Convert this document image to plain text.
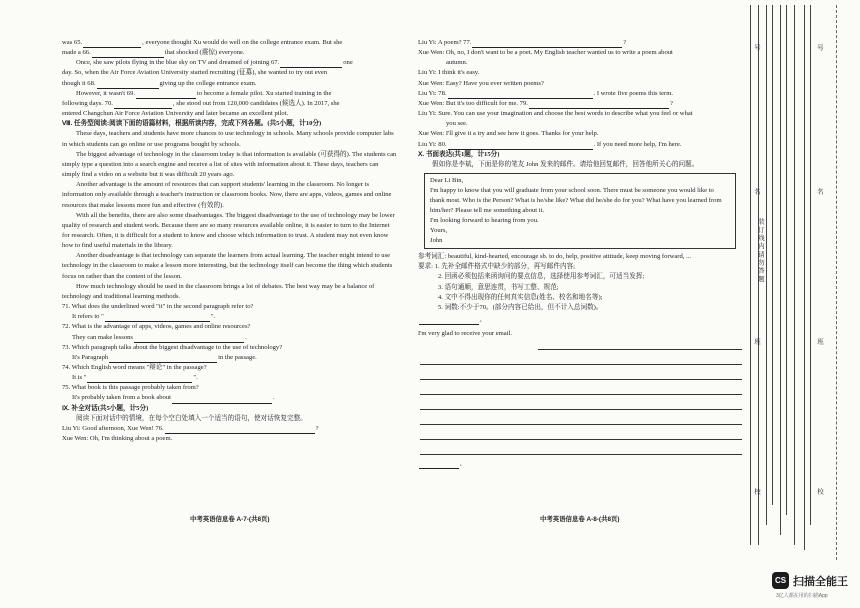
was 65.	, everyone thought Xu would do well on the college entrance exam. But she

made a 66.	that shocked (震惊) everyone.

Once, she saw pilots flying in the blue sky on TV and dreamed of joining 67.	one

day. So, when the Air Force Aviation University started recruiting (征募), she wanted to try out even

though it 68.	giving up the college entrance exam.

However, it wasn't 69.	to become a female pilot. Xu started training in the

following days. 70.	, she stood out from 120,000 candidates (候选人). In 2017, she

entered Changchun Air Force Aviation University and later became an excellent pilot.

Ⅷ. 任务型阅读:阅读下面的语篇材料，根据所读内容，完成下列各题。(共5小题，计10分)

These days, teachers and students have more chances to use technology in schools. Many schools provide computer labs in which students can go online or use programs bought by schools.

The biggest advantage of technology in the classroom today is that information is available (可获得的). The students can simply type a question into a search engine and receive a list of sites with information about it. These days, teachers can simply find a video on a website but it was difficult 20 years ago.

Another advantage is the amount of resources that can support students' learning in the classroom. No longer is information only available through a teacher's instruction or classroom books. Now, there are apps, videos, games and online resources that make lessons more fun and effective (有效的).

With all the benefits, there are also some disadvantages. The biggest disadvantage to the use of technology may be lower quality of research and student work. Because there are so many resources available online, it is easier to turn to the Internet for research. Often, it is difficult for a student to know and choose which information to trust. A student may not even know how to find useful materials in the library.

Another disadvantage is that technology can separate the learners from actual learning. The teacher might intend to use technology in the classroom to make a lesson more interesting, but the technology itself can become the thing which students focus on rather than the content of the lesson.

How much technology should be used in the classroom brings a lot of debates. The best way may be a balance of technology and traditional learning methods.

71. What does the underlined word "it" in the second paragraph refer to?

It refers to "	".

72. What is the advantage of apps, videos, games and online resources?

They can make lessons	.

73. Which paragraph talks about the biggest disadvantage to the use of technology?

It's Paragraph	in the passage.

74. Which English word means "辩论" in the passage?

It is "	".

75. What book is this passage probably taken from?

It's probably taken from a book about	.

Ⅸ. 补全对话(共5小题，计5分)

阅读下面对话中的情境，在每个空白处填入一个适当的语句，使对话恢复完整。

Liu Yi: Good afternoon, Xue Wen! 76.	?

Xue Wen: Oh, I'm thinking about a poem.

中考英语信息卷 A-7-(共8页)

Liu Yi: A poem? 77.	?

Xue Wen: Oh, no, I don't want to be a poet. My English teacher wanted us to write a poem about

autumn.

Liu Yi: I think it's easy.

Xue Wen: Easy? Have you ever written poems?

Liu Yi: 78.	. I wrote five poems this term.

Xue Wen: But it's too difficult for me. 79.	?

Liu Yi: Sure. You can use your imagination and choose the best words to describe what you feel or what

you see.

Xue Wen: I'll give it a try and see how it goes. Thanks for your help.

Liu Yi: 80.	. If you need more help, I'm here.

Ⅹ. 书面表达(共1题，计15分)

假如你是李斌，下面是你的笔友 John 发来的邮件。请给他回复邮件，回答他所关心的问题。

Dear Li Bin,

I'm happy to know that you will graduate from your school soon. There must be someone you would like to thank most. Who is the Person? What is he/she like? What did he/she do for you? What have you learned from him/her? Please tell me something about it.

I'm looking forward to hearing from you.

Yours,

John

参考词汇: beautiful, kind-hearted, encourage sb. to do, help, positive attitude, keep moving forward, ...

要求: 1. 先补全邮件格式中缺少的部分，再写邮件内容;

2. 回函必须包括来函询问的要点信息，选择使用参考词汇，可适当发挥;

3. 语句通顺，意思连贯，书写工整、规范;

4. 文中不得出现你的任何真实信息(姓名、校名和地名等);

5. 词数:不少于70。(部分内容已给出，但不计入总词数)。

,

I'm very glad to receive your email.

,

中考英语信息卷 A-8-(共8页)
号	号
名	名
装 订 线 内 请 勿 答 题
班	班
校	校
CS 扫描全能王
3亿人都在用的扫描App
